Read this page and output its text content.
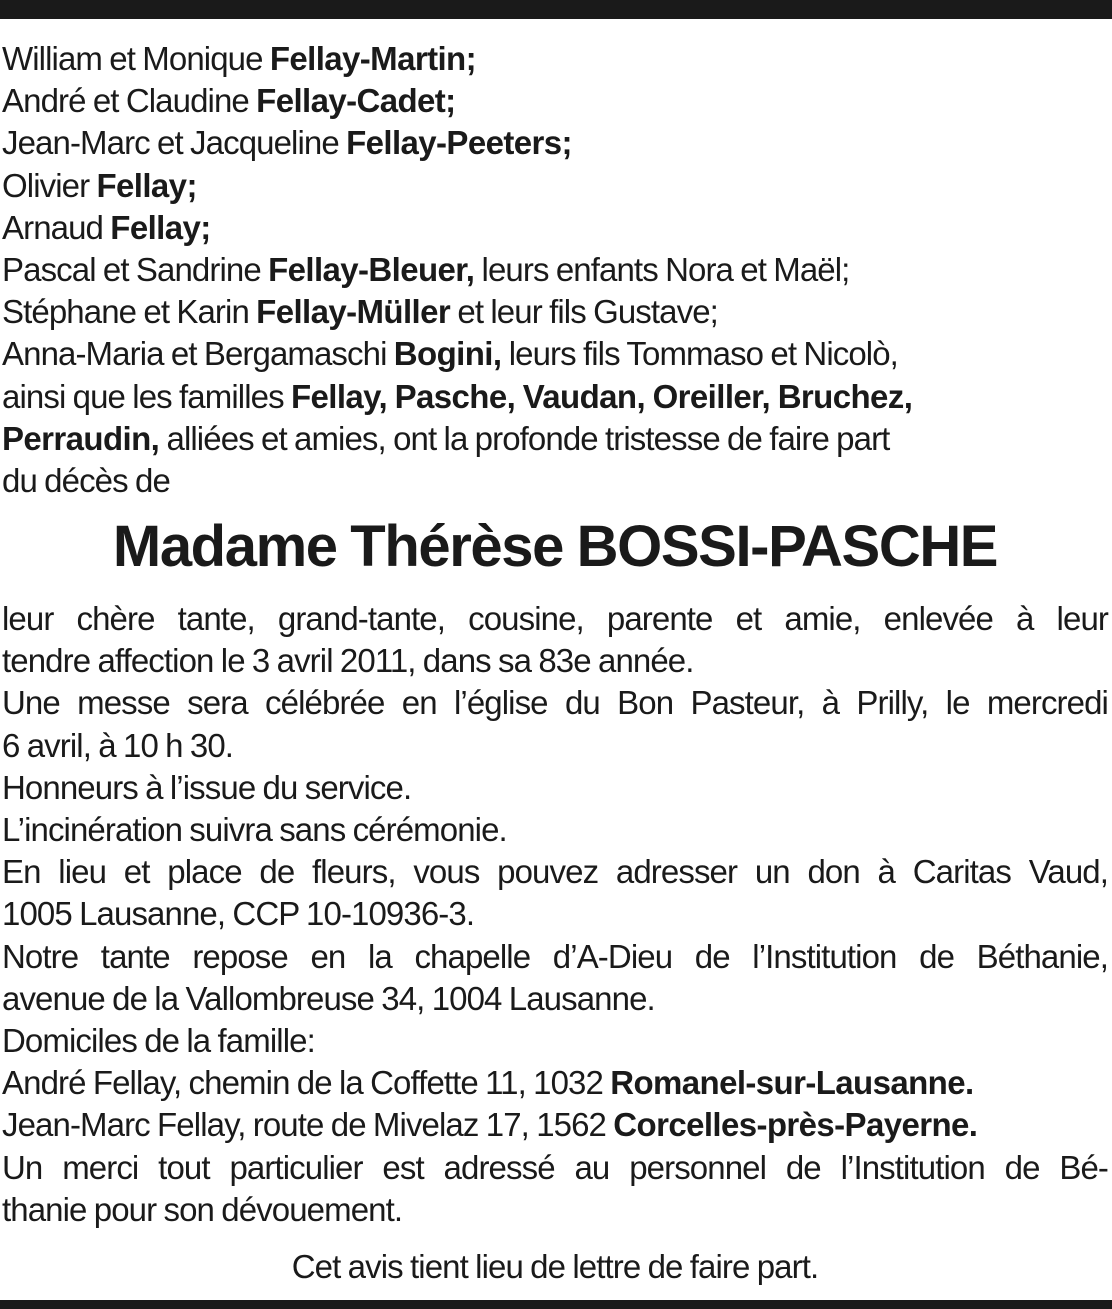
William et Monique Fellay-Martin;
André et Claudine Fellay-Cadet;
Jean-Marc et Jacqueline Fellay-Peeters;
Olivier Fellay;
Arnaud Fellay;
Pascal et Sandrine Fellay-Bleuer, leurs enfants Nora et Maël;
Stéphane et Karin Fellay-Müller et leur fils Gustave;
Anna-Maria et Bergamaschi Bogini, leurs fils Tommaso et Nicolò,
ainsi que les familles Fellay, Pasche, Vaudan, Oreiller, Bruchez,
Perraudin, alliées et amies, ont la profonde tristesse de faire part
du décès de
Madame Thérèse BOSSI-PASCHE
leur chère tante, grand-tante, cousine, parente et amie, enlevée à leur
tendre affection le 3 avril 2011, dans sa 83e année.
Une messe sera célébrée en l’église du Bon Pasteur, à Prilly, le mercredi
6 avril, à 10 h 30.
Honneurs à l’issue du service.
L’incinération suivra sans cérémonie.
En lieu et place de fleurs, vous pouvez adresser un don à Caritas Vaud,
1005 Lausanne, CCP 10-10936-3.
Notre tante repose en la chapelle d’A-Dieu de l’Institution de Béthanie,
avenue de la Vallombreuse 34, 1004 Lausanne.
Domiciles de la famille:
André Fellay, chemin de la Coffette 11, 1032 Romanel-sur-Lausanne.
Jean-Marc Fellay, route de Mivelaz 17, 1562 Corcelles-près-Payerne.
Un merci tout particulier est adressé au personnel de l’Institution de Bé-
thanie pour son dévouement.
Cet avis tient lieu de lettre de faire part.
